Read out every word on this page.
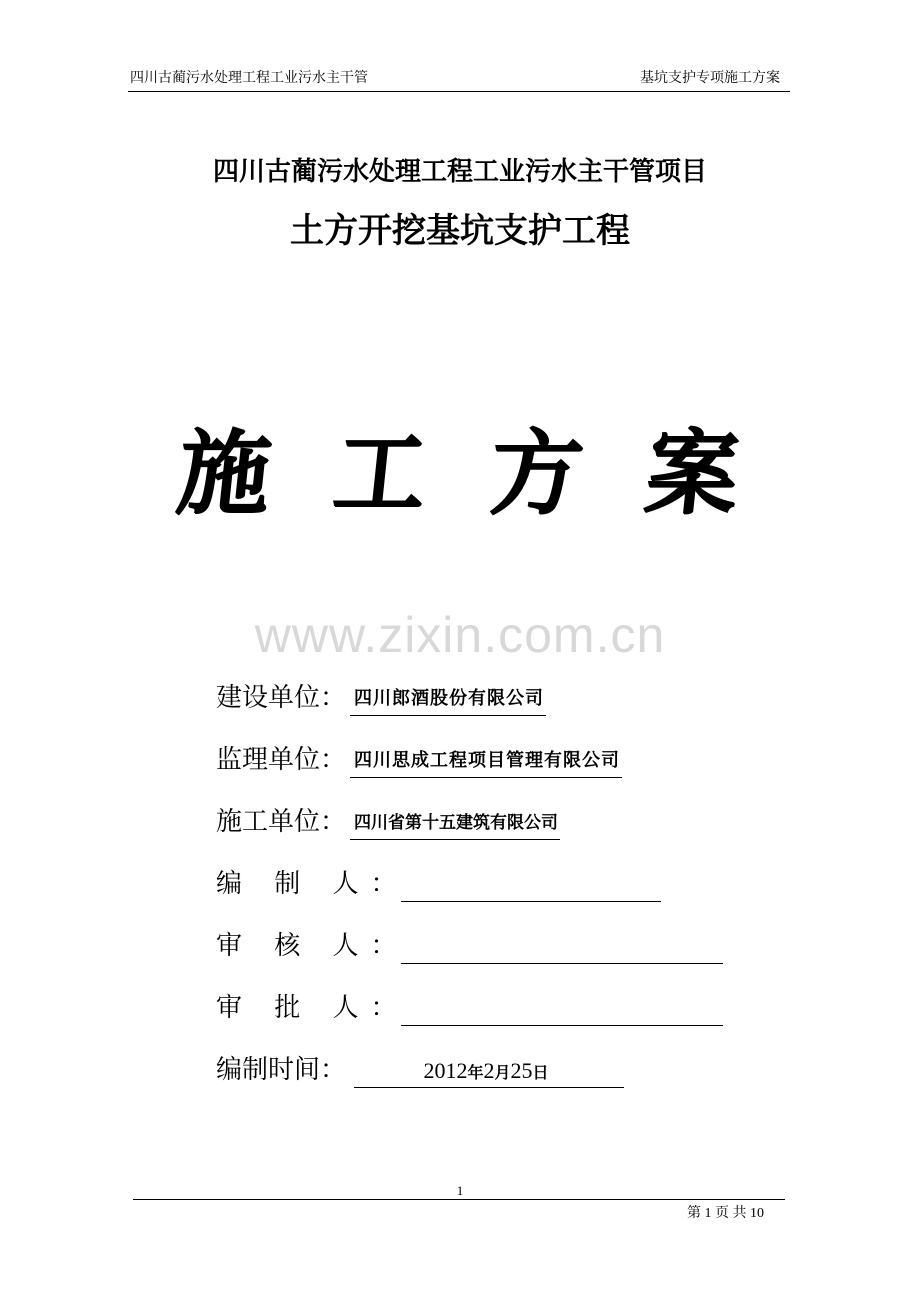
四川古蔺污水处理工程工业污水主干管	基坑支护专项施工方案
四川古蔺污水处理工程工业污水主干管项目
土方开挖基坑支护工程
施 工 方 案
www.zixin.com.cn
建设单位 ： 四川郎酒股份有限公司
监理单位 ： 四川思成工程项目管理有限公司
施工单位 ： 四川省第十五建筑有限公司
编 制 人 ：
审 核 人 ：
审 批 人 ：
编制时间 ：	2012年2月25日
1
第 1 页 共 10
